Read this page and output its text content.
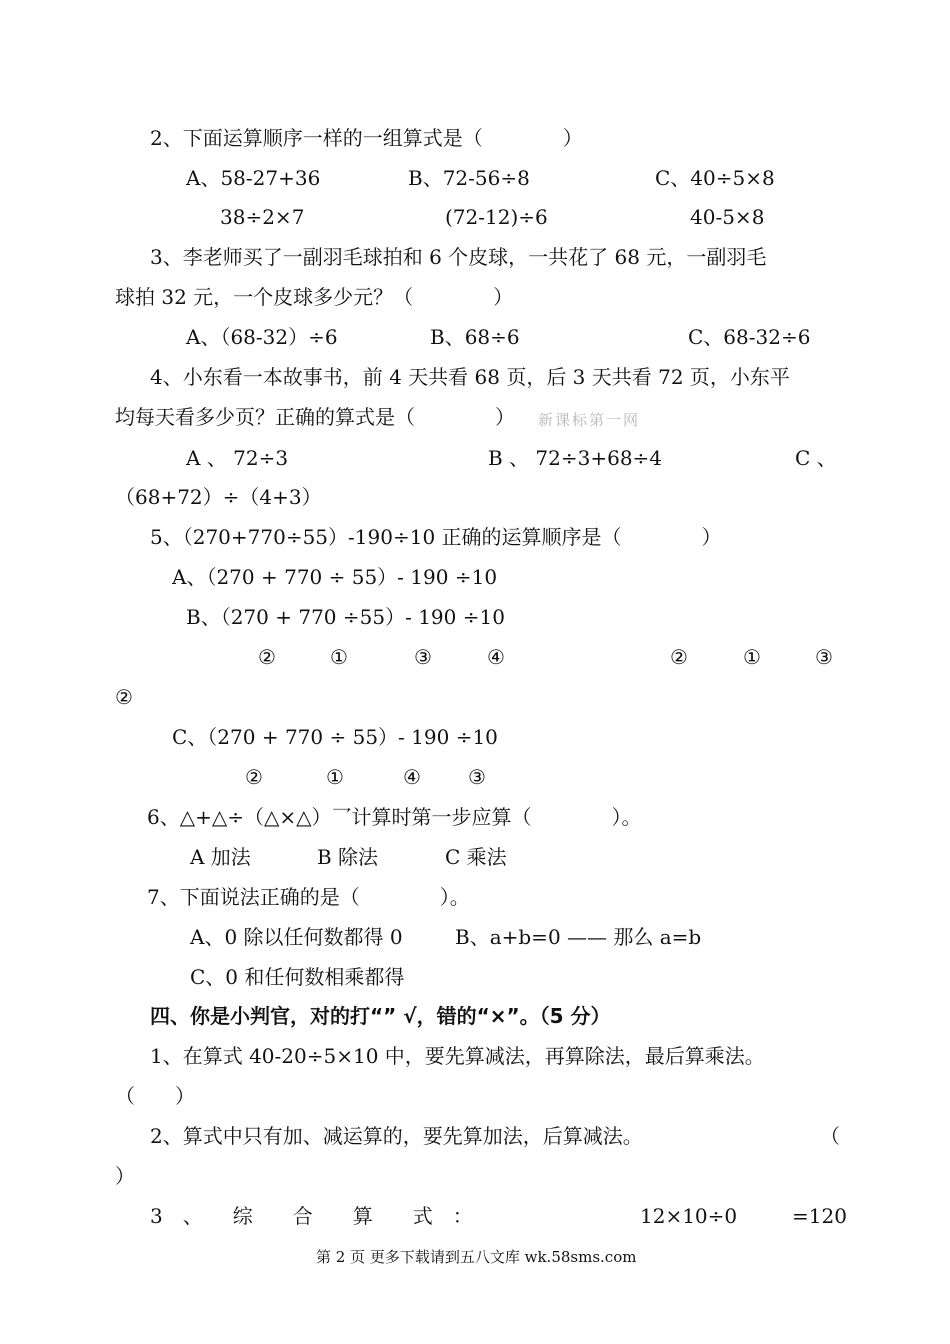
2、下面运算顺序一样的一组算式是（　　　　）
A、58-27+36	B、72-56÷8	C、40÷5×8
38÷2×7	(72-12)÷6	40-5×8
3、李老师买了一副羽毛球拍和 6 个皮球，一共花了 68 元，一副羽毛
球拍 32 元，一个皮球多少元？（　　　　）
A、（68-32）÷6	B、68÷6	C、68-32÷6
4、小东看一本故事书，前 4 天共看 68 页，后 3 天共看 72 页，小东平
均每天看多少页？正确的算式是（　　　　） 新课标第一网
A 、 72÷3	B 、 72÷3+68÷4	C 、
（68+72）÷（4+3）
5、（270+770÷55）-190÷10 正确的运算顺序是（　　　　）
A、（270 + 770 ÷ 55）- 190 ÷10
B、（270 + 770 ÷55）- 190 ÷10
②	①	③	④	②	①	③
②
C、（270 + 770 ÷ 55）- 190 ÷10
②	①	④ ③
6、△+△÷（△×△）乛计算时第一步应算（　　　　）。
A 加法	B 除法	C 乘法
7、下面说法正确的是（　　　　）。
A、0 除以任何数都得 0	B、a+b=0 —— 那么 a=b
C、0 和任何数相乘都得
四、你是小判官，对的打“” √，错的“×”。（5 分）
1、在算式 40-20÷5×10 中，要先算减法，再算除法，最后算乘法。
（　　）
2、算式中只有加、减运算的，要先算加法，后算减法。	（
）
3　、　　综　　合　　算　　式　：	12×10÷0	=120
第 2 页 更多下载请到五八文库 wk.58sms.com
